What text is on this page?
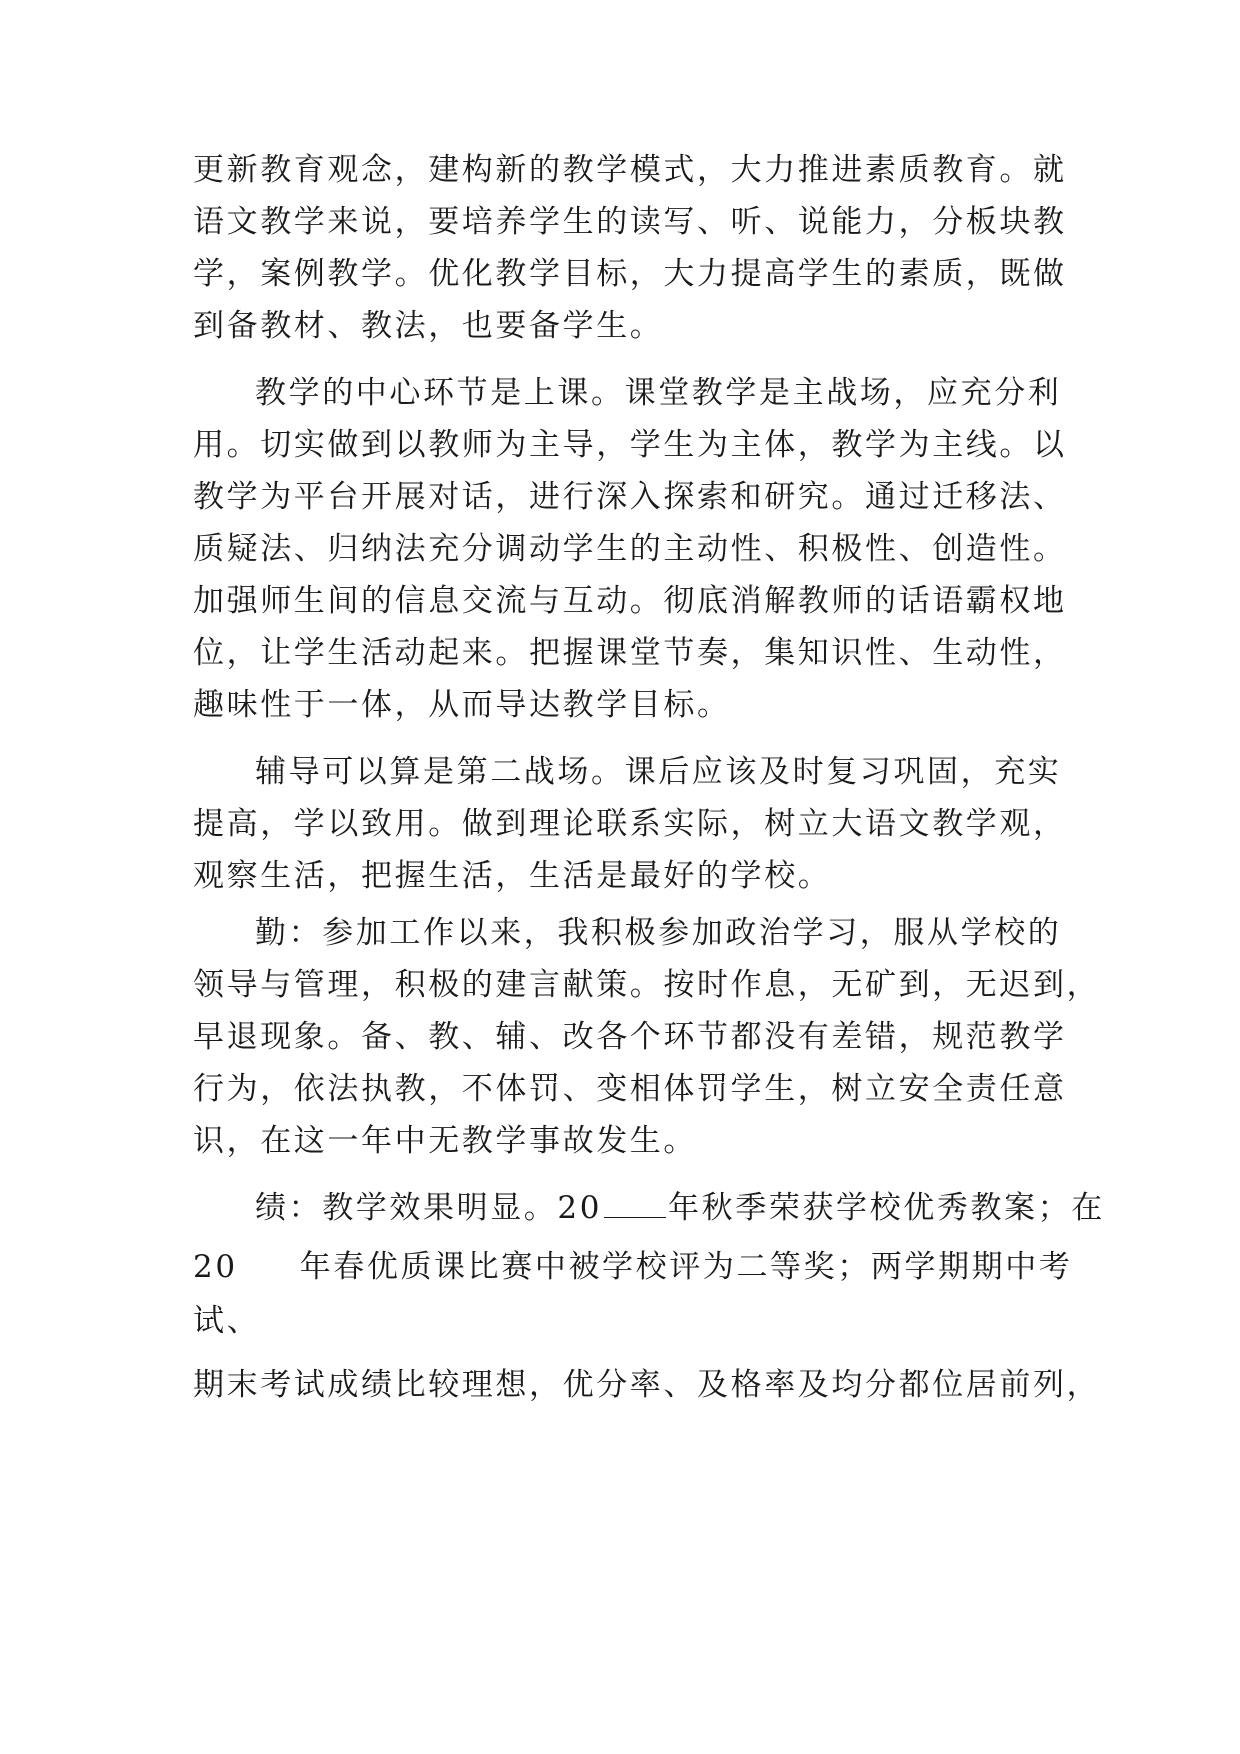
更新教育观念，建构新的教学模式，大力推进素质教育。就
语文教学来说，要培养学生的读写、听、说能力，分板块教
学，案例教学。优化教学目标，大力提高学生的素质，既做
到备教材、教法，也要备学生。
教学的中心环节是上课。课堂教学是主战场，应充分利
用。切实做到以教师为主导，学生为主体，教学为主线。以
教学为平台开展对话，进行深入探索和研究。通过迁移法、
质疑法、归纳法充分调动学生的主动性、积极性、创造性。
加强师生间的信息交流与互动。彻底消解教师的话语霸权地
位，让学生活动起来。把握课堂节奏，集知识性、生动性，
趣味性于一体，从而导达教学目标。
辅导可以算是第二战场。课后应该及时复习巩固，充实
提高，学以致用。做到理论联系实际，树立大语文教学观，
观察生活，把握生活，生活是最好的学校。
勤：参加工作以来，我积极参加政治学习，服从学校的
领导与管理，积极的建言献策。按时作息，无矿到，无迟到，
早退现象。备、教、辅、改各个环节都没有差错，规范教学
行为，依法执教，不体罚、变相体罚学生，树立安全责任意
识，在这一年中无教学事故发生。
绩：教学效果明显。20 年秋季荣获学校优秀教案；在
20 年春优质课比赛中被学校评为二等奖；两学期期中考
试、
期末考试成绩比较理想，优分率、及格率及均分都位居前列，
